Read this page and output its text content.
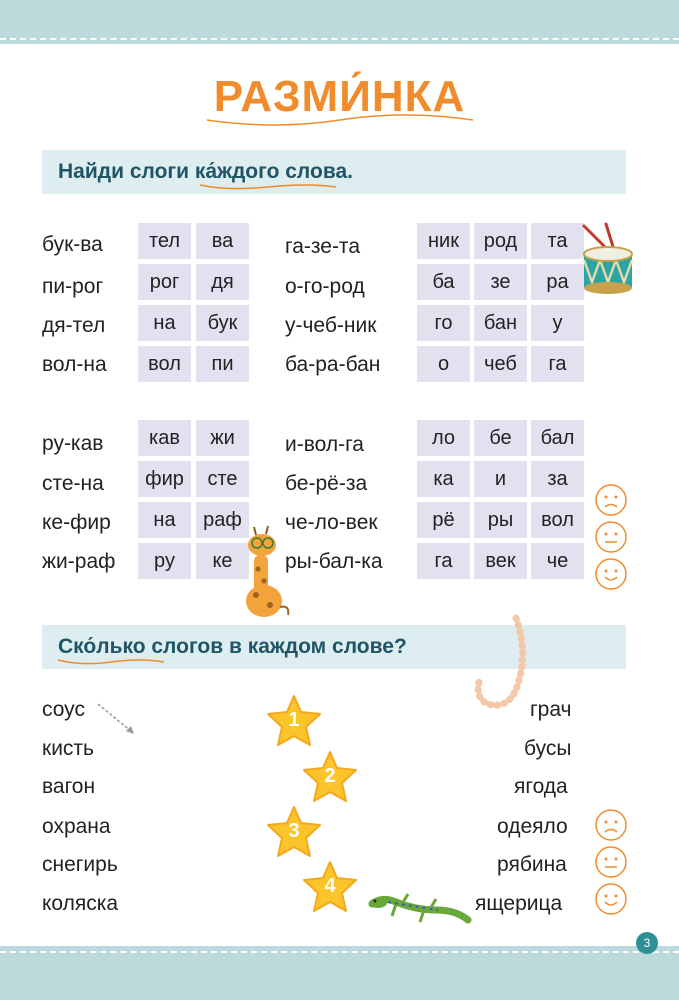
РАЗМИ́НКА
Найди слоги ка́ждого слова.
бук-ва	тел	ва
пи-рог	рог	дя
дя-тел	на	бук
вол-на	вол	пи
га-зе-та	ник	род	та
о-го-род	ба	зе	ра
у-чеб-ник	го	бан	у
ба-ра-бан	о	чеб	га
ру-кав	кав	жи
сте-на	фир	сте
ке-фир	на	раф
жи-раф	ру	ке
и-вол-га	ло	бе	бал
бе-рё-за	ка	и	за
че-ло-век	рё	ры	вол
ры-бал-ка	га	век	че
Ско́лько слогов в каждом слове?
соус
кисть
вагон
охрана
снегирь
коляска
грач
бусы
ягода
одеяло
рябина
ящерица
1
2
3
4
3
